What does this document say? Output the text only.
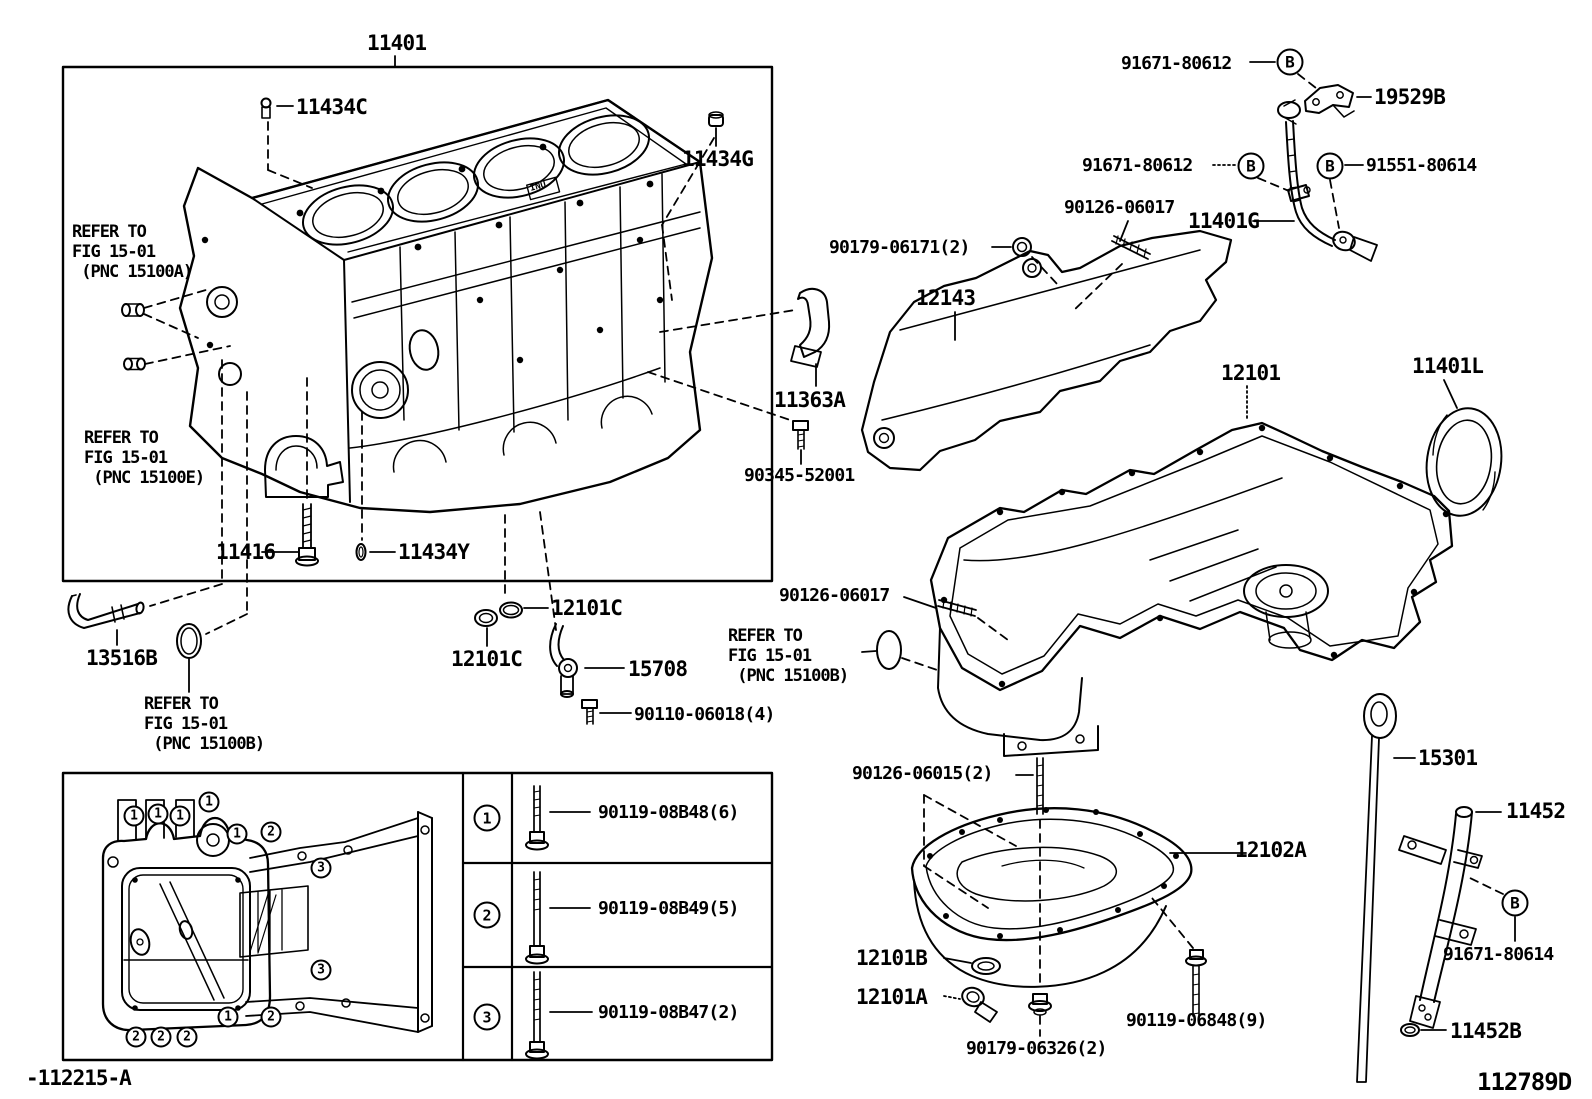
INU
-112215-A	112789D
11401
11434C
11434G
11416	11434Y
13516B
12101C
12101C	15708
90110-06018(4)
91671-80612
19529B
91671-80612	91551-80614
90126-06017
11401G
90179-06171(2)
12143
11363A
90345-52001
12101	11401L
90126-06017
90126-06015(2)
12102A
12101B
12101A
90119-06848(9)
90179-06326(2)
15301
11452
91671-80614
11452B
REFER TO
FIG 15-01
(PNC 15100A)
REFER TO
FIG 15-01
(PNC 15100E)
REFER TO
FIG 15-01
(PNC 15100B)
REFER TO
FIG 15-01
(PNC 15100B)
B
B	B
B
1	1	1
1
1	2
3
3
1	2
2	2	2
1	90119-08B48(6)
2	90119-08B49(5)
3	90119-08B47(2)
